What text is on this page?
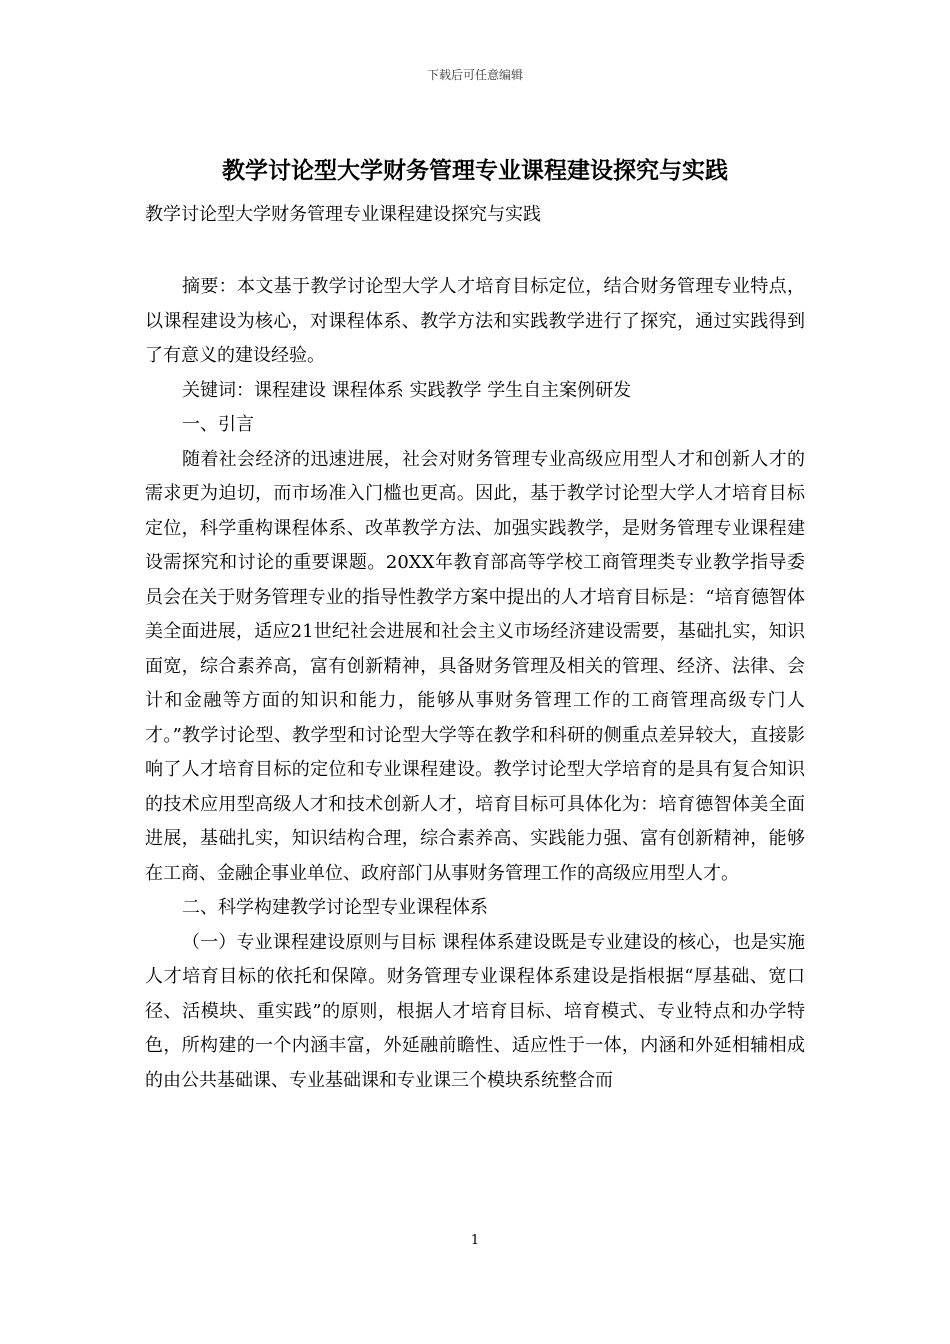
下载后可任意编辑
教学讨论型大学财务管理专业课程建设探究与实践
教学讨论型大学财务管理专业课程建设探究与实践

摘要：本文基于教学讨论型大学人才培育目标定位，结合财务管理专业特点，以课程建设为核心，对课程体系、教学方法和实践教学进行了探究，通过实践得到了有意义的建设经验。

关键词：课程建设 课程体系 实践教学 学生自主案例研发

一、引言

随着社会经济的迅速进展，社会对财务管理专业高级应用型人才和创新人才的需求更为迫切，而市场准入门槛也更高。因此，基于教学讨论型大学人才培育目标定位，科学重构课程体系、改革教学方法、加强实践教学，是财务管理专业课程建设需探究和讨论的重要课题。20XX年教育部高等学校工商管理类专业教学指导委员会在关于财务管理专业的指导性教学方案中提出的人才培育目标是：“培育德智体美全面进展，适应21世纪社会进展和社会主义市场经济建设需要，基础扎实，知识面宽，综合素养高，富有创新精神，具备财务管理及相关的管理、经济、法律、会计和金融等方面的知识和能力，能够从事财务管理工作的工商管理高级专门人才。”教学讨论型、教学型和讨论型大学等在教学和科研的侧重点差异较大，直接影响了人才培育目标的定位和专业课程建设。教学讨论型大学培育的是具有复合知识的技术应用型高级人才和技术创新人才，培育目标可具体化为：培育德智体美全面进展，基础扎实，知识结构合理，综合素养高、实践能力强、富有创新精神，能够在工商、金融企事业单位、政府部门从事财务管理工作的高级应用型人才。

二、科学构建教学讨论型专业课程体系

（一）专业课程建设原则与目标 课程体系建设既是专业建设的核心，也是实施人才培育目标的依托和保障。财务管理专业课程体系建设是指根据“厚基础、宽口径、活模块、重实践”的原则，根据人才培育目标、培育模式、专业特点和办学特色，所构建的一个内涵丰富，外延融前瞻性、适应性于一体，内涵和外延相辅相成的由公共基础课、专业基础课和专业课三个模块系统整合而

1
